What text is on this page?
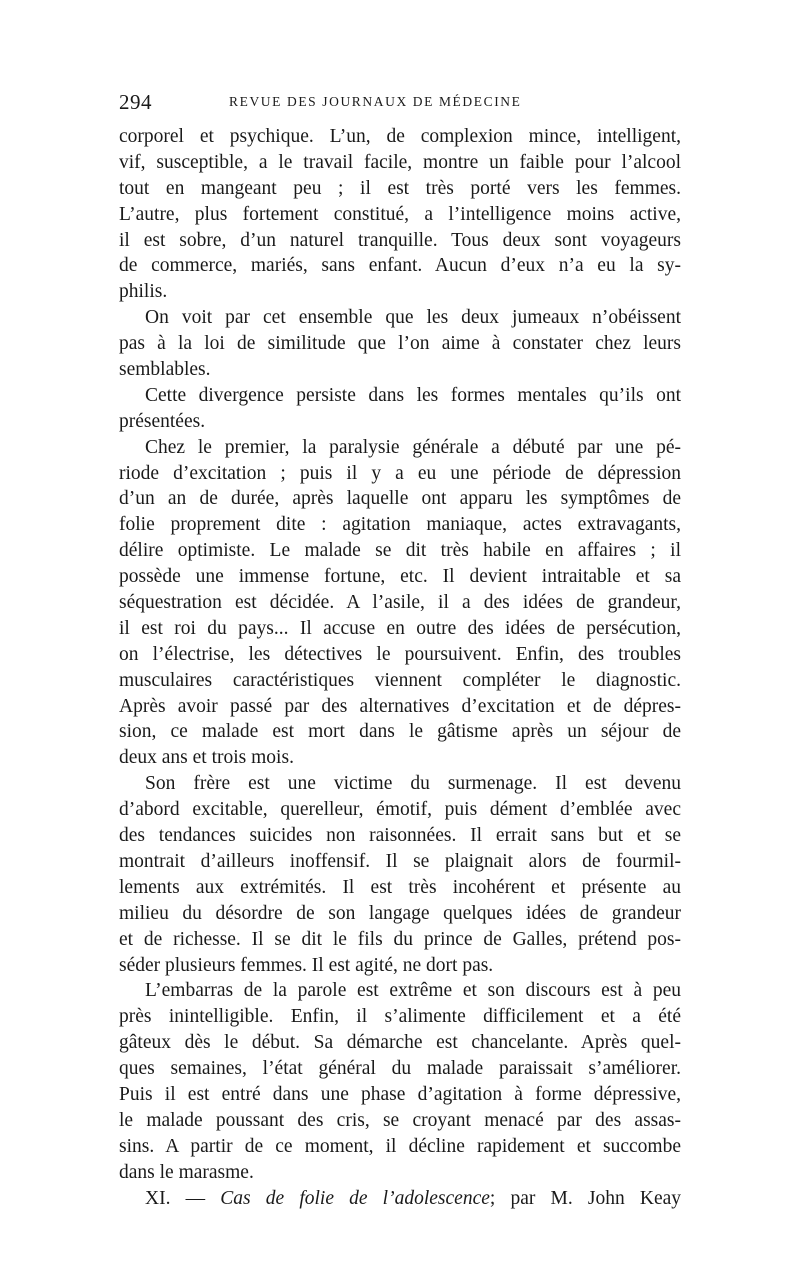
294	REVUE DES JOURNAUX DE MÉDECINE
corporel et psychique. L’un, de complexion mince, intelligent,
vif, susceptible, a le travail facile, montre un faible pour l’alcool
tout en mangeant peu ; il est très porté vers les femmes.
L’autre, plus fortement constitué, a l’intelligence moins active,
il est sobre, d’un naturel tranquille. Tous deux sont voyageurs
de commerce, mariés, sans enfant. Aucun d’eux n’a eu la sy-
philis.
On voit par cet ensemble que les deux jumeaux n’obéissent
pas à la loi de similitude que l’on aime à constater chez leurs
semblables.
Cette divergence persiste dans les formes mentales qu’ils ont
présentées.
Chez le premier, la paralysie générale a débuté par une pé-
riode d’excitation ; puis il y a eu une période de dépression
d’un an de durée, après laquelle ont apparu les symptômes de
folie proprement dite : agitation maniaque, actes extravagants,
délire optimiste. Le malade se dit très habile en affaires ; il
possède une immense fortune, etc. Il devient intraitable et sa
séquestration est décidée. A l’asile, il a des idées de grandeur,
il est roi du pays... Il accuse en outre des idées de persécution,
on l’électrise, les détectives le poursuivent. Enfin, des troubles
musculaires caractéristiques viennent compléter le diagnostic.
Après avoir passé par des alternatives d’excitation et de dépres-
sion, ce malade est mort dans le gâtisme après un séjour de
deux ans et trois mois.
Son frère est une victime du surmenage. Il est devenu
d’abord excitable, querelleur, émotif, puis dément d’emblée avec
des tendances suicides non raisonnées. Il errait sans but et se
montrait d’ailleurs inoffensif. Il se plaignait alors de fourmil-
lements aux extrémités. Il est très incohérent et présente au
milieu du désordre de son langage quelques idées de grandeur
et de richesse. Il se dit le fils du prince de Galles, prétend pos-
séder plusieurs femmes. Il est agité, ne dort pas.
L’embarras de la parole est extrême et son discours est à peu
près inintelligible. Enfin, il s’alimente difficilement et a été
gâteux dès le début. Sa démarche est chancelante. Après quel-
ques semaines, l’état général du malade paraissait s’améliorer.
Puis il est entré dans une phase d’agitation à forme dépressive,
le malade poussant des cris, se croyant menacé par des assas-
sins. A partir de ce moment, il décline rapidement et succombe
dans le marasme.
XI. — Cas de folie de l’adolescence; par M. John Keay
